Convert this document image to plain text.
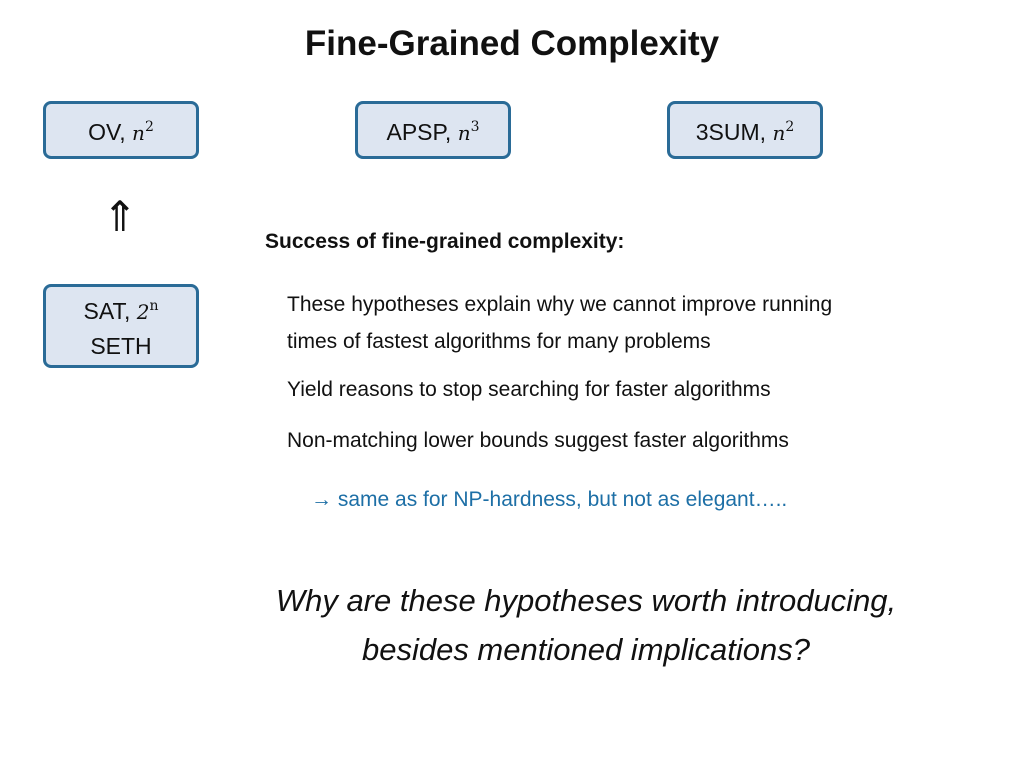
Fine-Grained Complexity
OV, $n^2$	APSP, $n^3$	3SUM, $n^2$
⇑
SAT, 2$^n$
SETH
Success of fine-grained complexity:
These hypotheses explain why we cannot improve running
times of fastest algorithms for many problems
Yield reasons to stop searching for faster algorithms
Non-matching lower bounds suggest faster algorithms
→ same as for NP-hardness, but not as elegant…..
Why are these hypotheses worth introducing,
besides mentioned implications?
